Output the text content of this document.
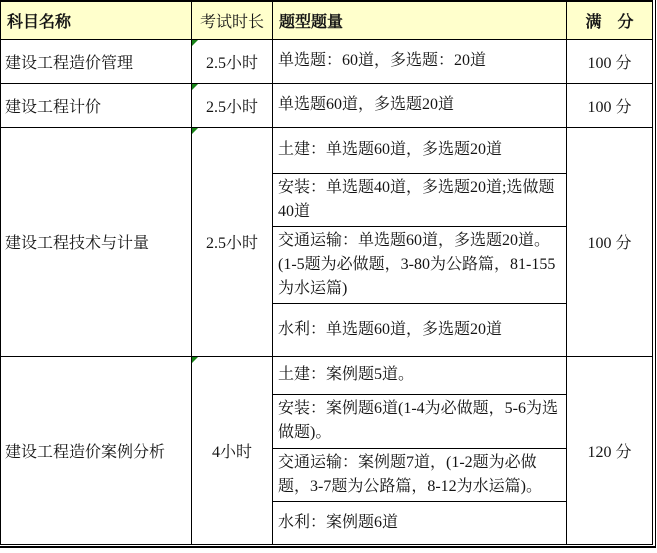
科目名称	考试时长	题型题量	满　分
建设工程造价管理	2.5小时	单选题：60道，多选题：20道	100 分
建设工程计价	2.5小时	单选题60道，多选题20道	100 分
建设工程技术与计量	2.5小时	土建：单选题60道，多选题20道	100 分
		安装：单选题40道，多选题20道;选做题40道	
		交通运输：单选题60道，多选题20道。(1-5题为必做题，3-80为公路篇，81-155为水运篇)	
		水利：单选题60道，多选题20道	
建设工程造价案例分析	4小时	土建：案例题5道。	120 分
		安装：案例题6道(1-4为必做题，5-6为选做题)。	
		交通运输：案例题7道，(1-2题为必做题，3-7题为公路篇，8-12为水运篇)。	
		水利：案例题6道	
